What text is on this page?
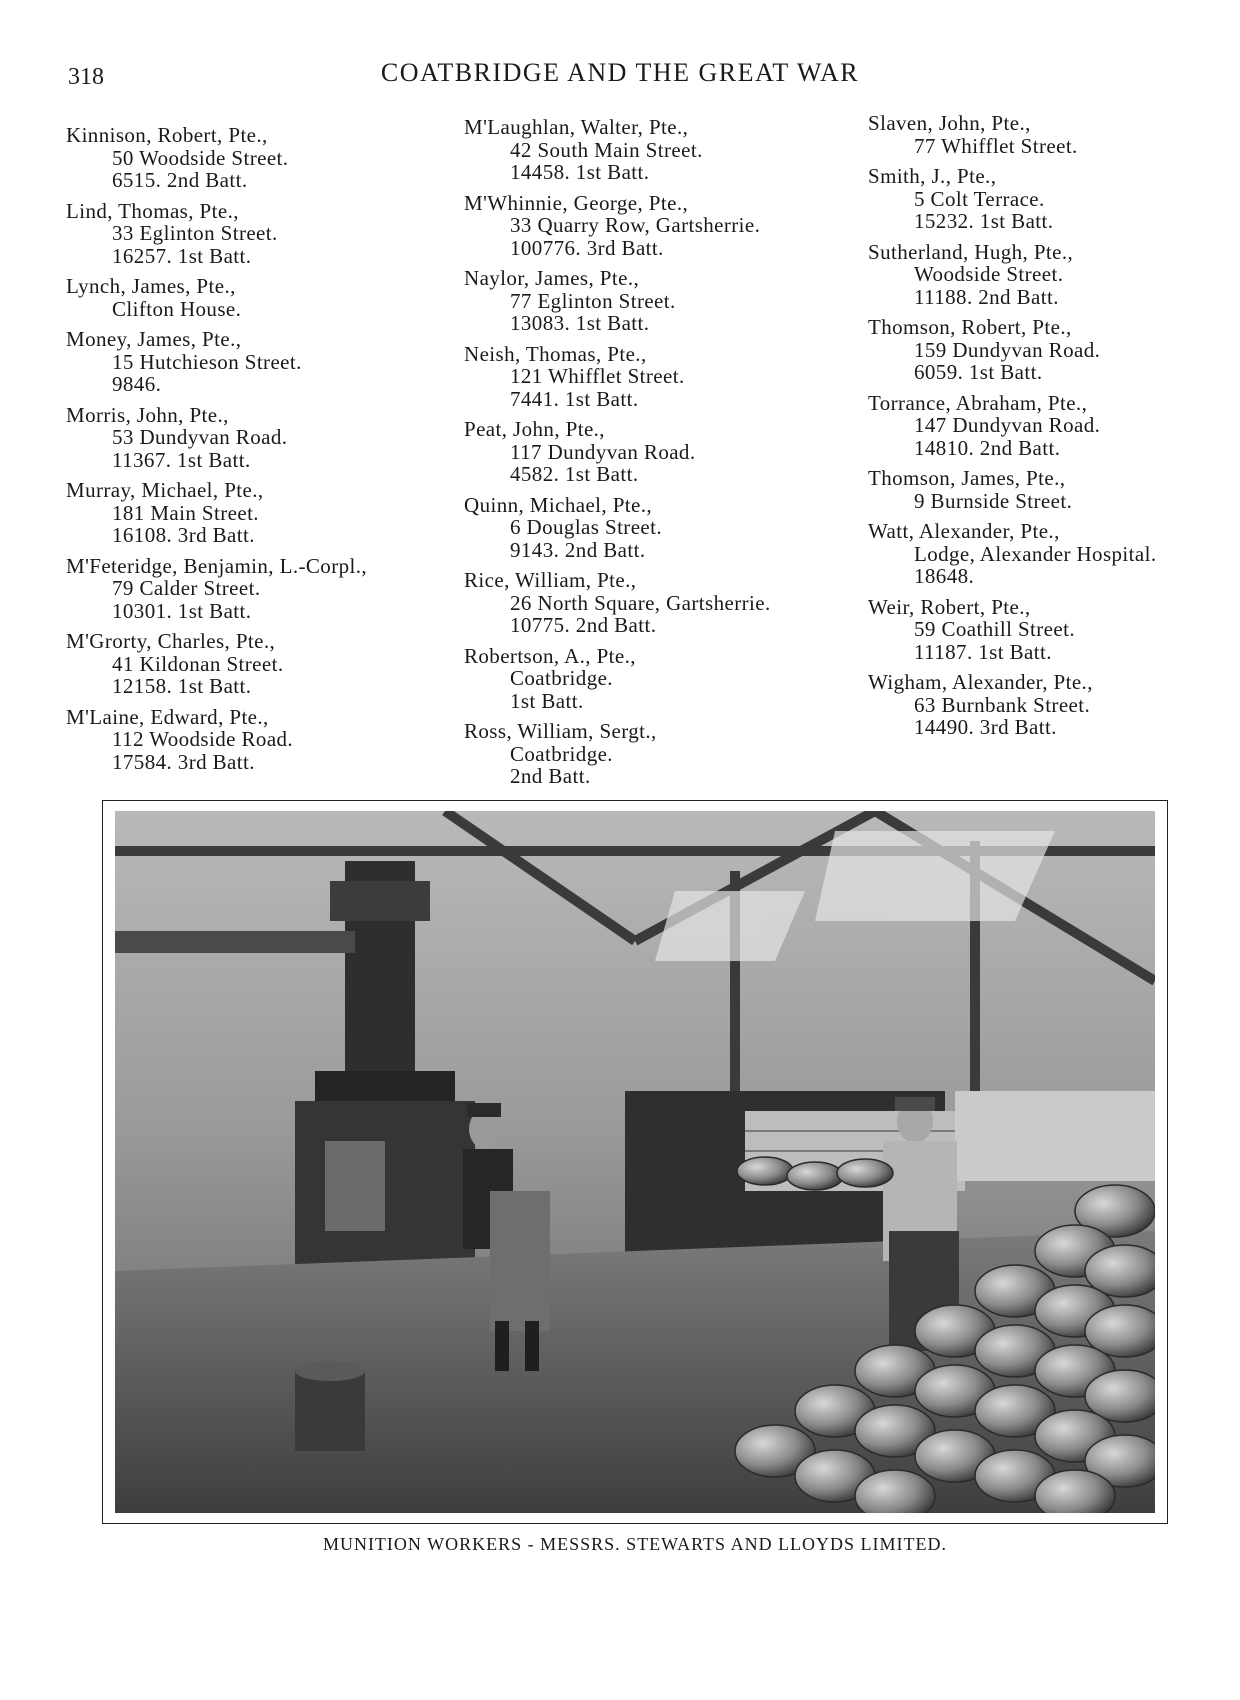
318	COATBRIDGE AND THE GREAT WAR
Kinnison, Robert, Pte.,
50 Woodside Street.
6515. 2nd Batt.
Lind, Thomas, Pte.,
33 Eglinton Street.
16257. 1st Batt.
Lynch, James, Pte.,
Clifton House.
Money, James, Pte.,
15 Hutchieson Street.
9846.
Morris, John, Pte.,
53 Dundyvan Road.
11367. 1st Batt.
Murray, Michael, Pte.,
181 Main Street.
16108. 3rd Batt.
M'Feteridge, Benjamin, L.-Corpl.,
79 Calder Street.
10301. 1st Batt.
M'Grorty, Charles, Pte.,
41 Kildonan Street.
12158. 1st Batt.
M'Laine, Edward, Pte.,
112 Woodside Road.
17584. 3rd Batt.
M'Laughlan, Walter, Pte.,
42 South Main Street.
14458. 1st Batt.
M'Whinnie, George, Pte.,
33 Quarry Row, Gartsherrie.
100776. 3rd Batt.
Naylor, James, Pte.,
77 Eglinton Street.
13083. 1st Batt.
Neish, Thomas, Pte.,
121 Whifflet Street.
7441. 1st Batt.
Peat, John, Pte.,
117 Dundyvan Road.
4582. 1st Batt.
Quinn, Michael, Pte.,
6 Douglas Street.
9143. 2nd Batt.
Rice, William, Pte.,
26 North Square, Gartsherrie.
10775. 2nd Batt.
Robertson, A., Pte.,
Coatbridge.
1st Batt.
Ross, William, Sergt.,
Coatbridge.
2nd Batt.
Slaven, John, Pte.,
77 Whifflet Street.
Smith, J., Pte.,
5 Colt Terrace.
15232. 1st Batt.
Sutherland, Hugh, Pte.,
Woodside Street.
11188. 2nd Batt.
Thomson, Robert, Pte.,
159 Dundyvan Road.
6059. 1st Batt.
Torrance, Abraham, Pte.,
147 Dundyvan Road.
14810. 2nd Batt.
Thomson, James, Pte.,
9 Burnside Street.
Watt, Alexander, Pte.,
Lodge, Alexander Hospital.
18648.
Weir, Robert, Pte.,
59 Coathill Street.
11187. 1st Batt.
Wigham, Alexander, Pte.,
63 Burnbank Street.
14490. 3rd Batt.
MUNITION WORKERS - MESSRS. STEWARTS AND LLOYDS LIMITED.
